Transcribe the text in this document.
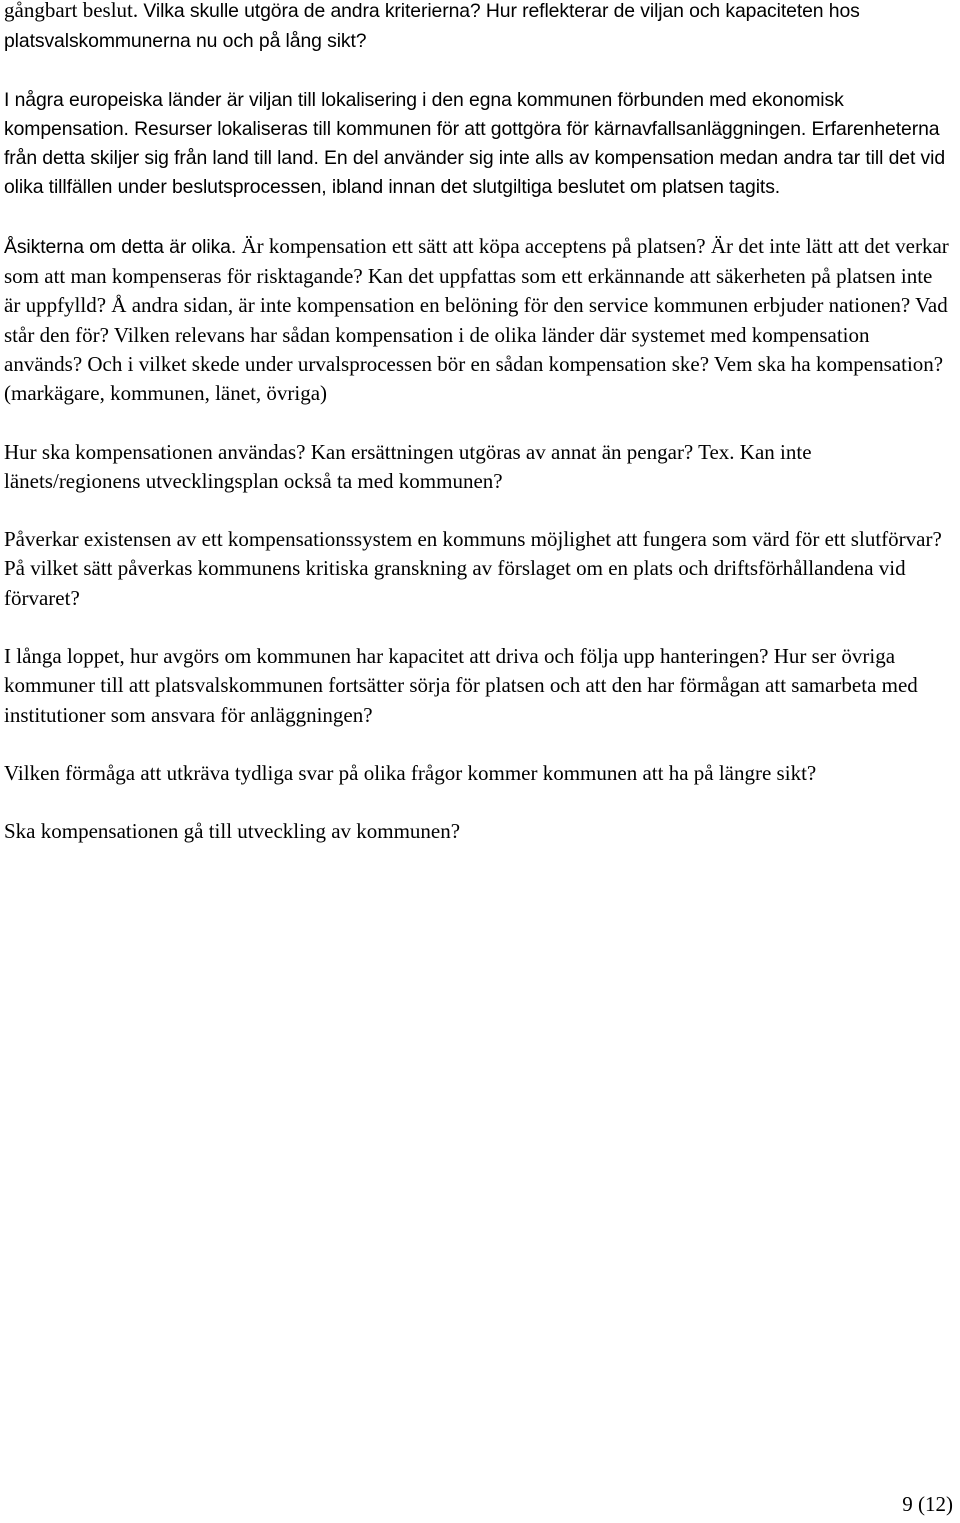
gångbart beslut. Vilka skulle utgöra de andra kriterierna? Hur reflekterar de viljan och kapaciteten hos platsvalskommunerna nu och på lång sikt?

I några europeiska länder är viljan till lokalisering i den egna kommunen förbunden med ekonomisk kompensation. Resurser lokaliseras till kommunen för att gottgöra för kärnavfallsanläggningen. Erfarenheterna från detta skiljer sig från land till land. En del använder sig inte alls av kompensation medan andra tar till det vid olika tillfällen under beslutsprocessen, ibland innan det slutgiltiga beslutet om platsen tagits.

Åsikterna om detta är olika. Är kompensation ett sätt att köpa acceptens på platsen? Är det inte lätt att det verkar som att man kompenseras för risktagande? Kan det uppfattas som ett erkännande att säkerheten på platsen inte är uppfylld? Å andra sidan, är inte kompensation en belöning för den service kommunen erbjuder nationen? Vad står den för? Vilken relevans har sådan kompensation i de olika länder där systemet med kompensation används? Och i vilket skede under urvalsprocessen bör en sådan kompensation ske? Vem ska ha kompensation? (markägare, kommunen, länet, övriga)

Hur ska kompensationen användas? Kan ersättningen utgöras av annat än pengar? Tex. Kan inte länets/regionens utvecklingsplan också ta med kommunen?

Påverkar existensen av ett kompensationssystem en kommuns möjlighet att fungera som värd för ett slutförvar? På vilket sätt påverkas kommunens kritiska granskning av förslaget om en plats och driftsförhållandena vid förvaret?

I långa loppet, hur avgörs om kommunen har kapacitet att driva och följa upp hanteringen? Hur ser övriga kommuner till att platsvalskommunen fortsätter sörja för platsen och att den har förmågan att samarbeta med institutioner som ansvara för anläggningen?

Vilken förmåga att utkräva tydliga svar på olika frågor kommer kommunen att ha på längre sikt?

Ska kompensationen gå till utveckling av kommunen?

9 (12)
